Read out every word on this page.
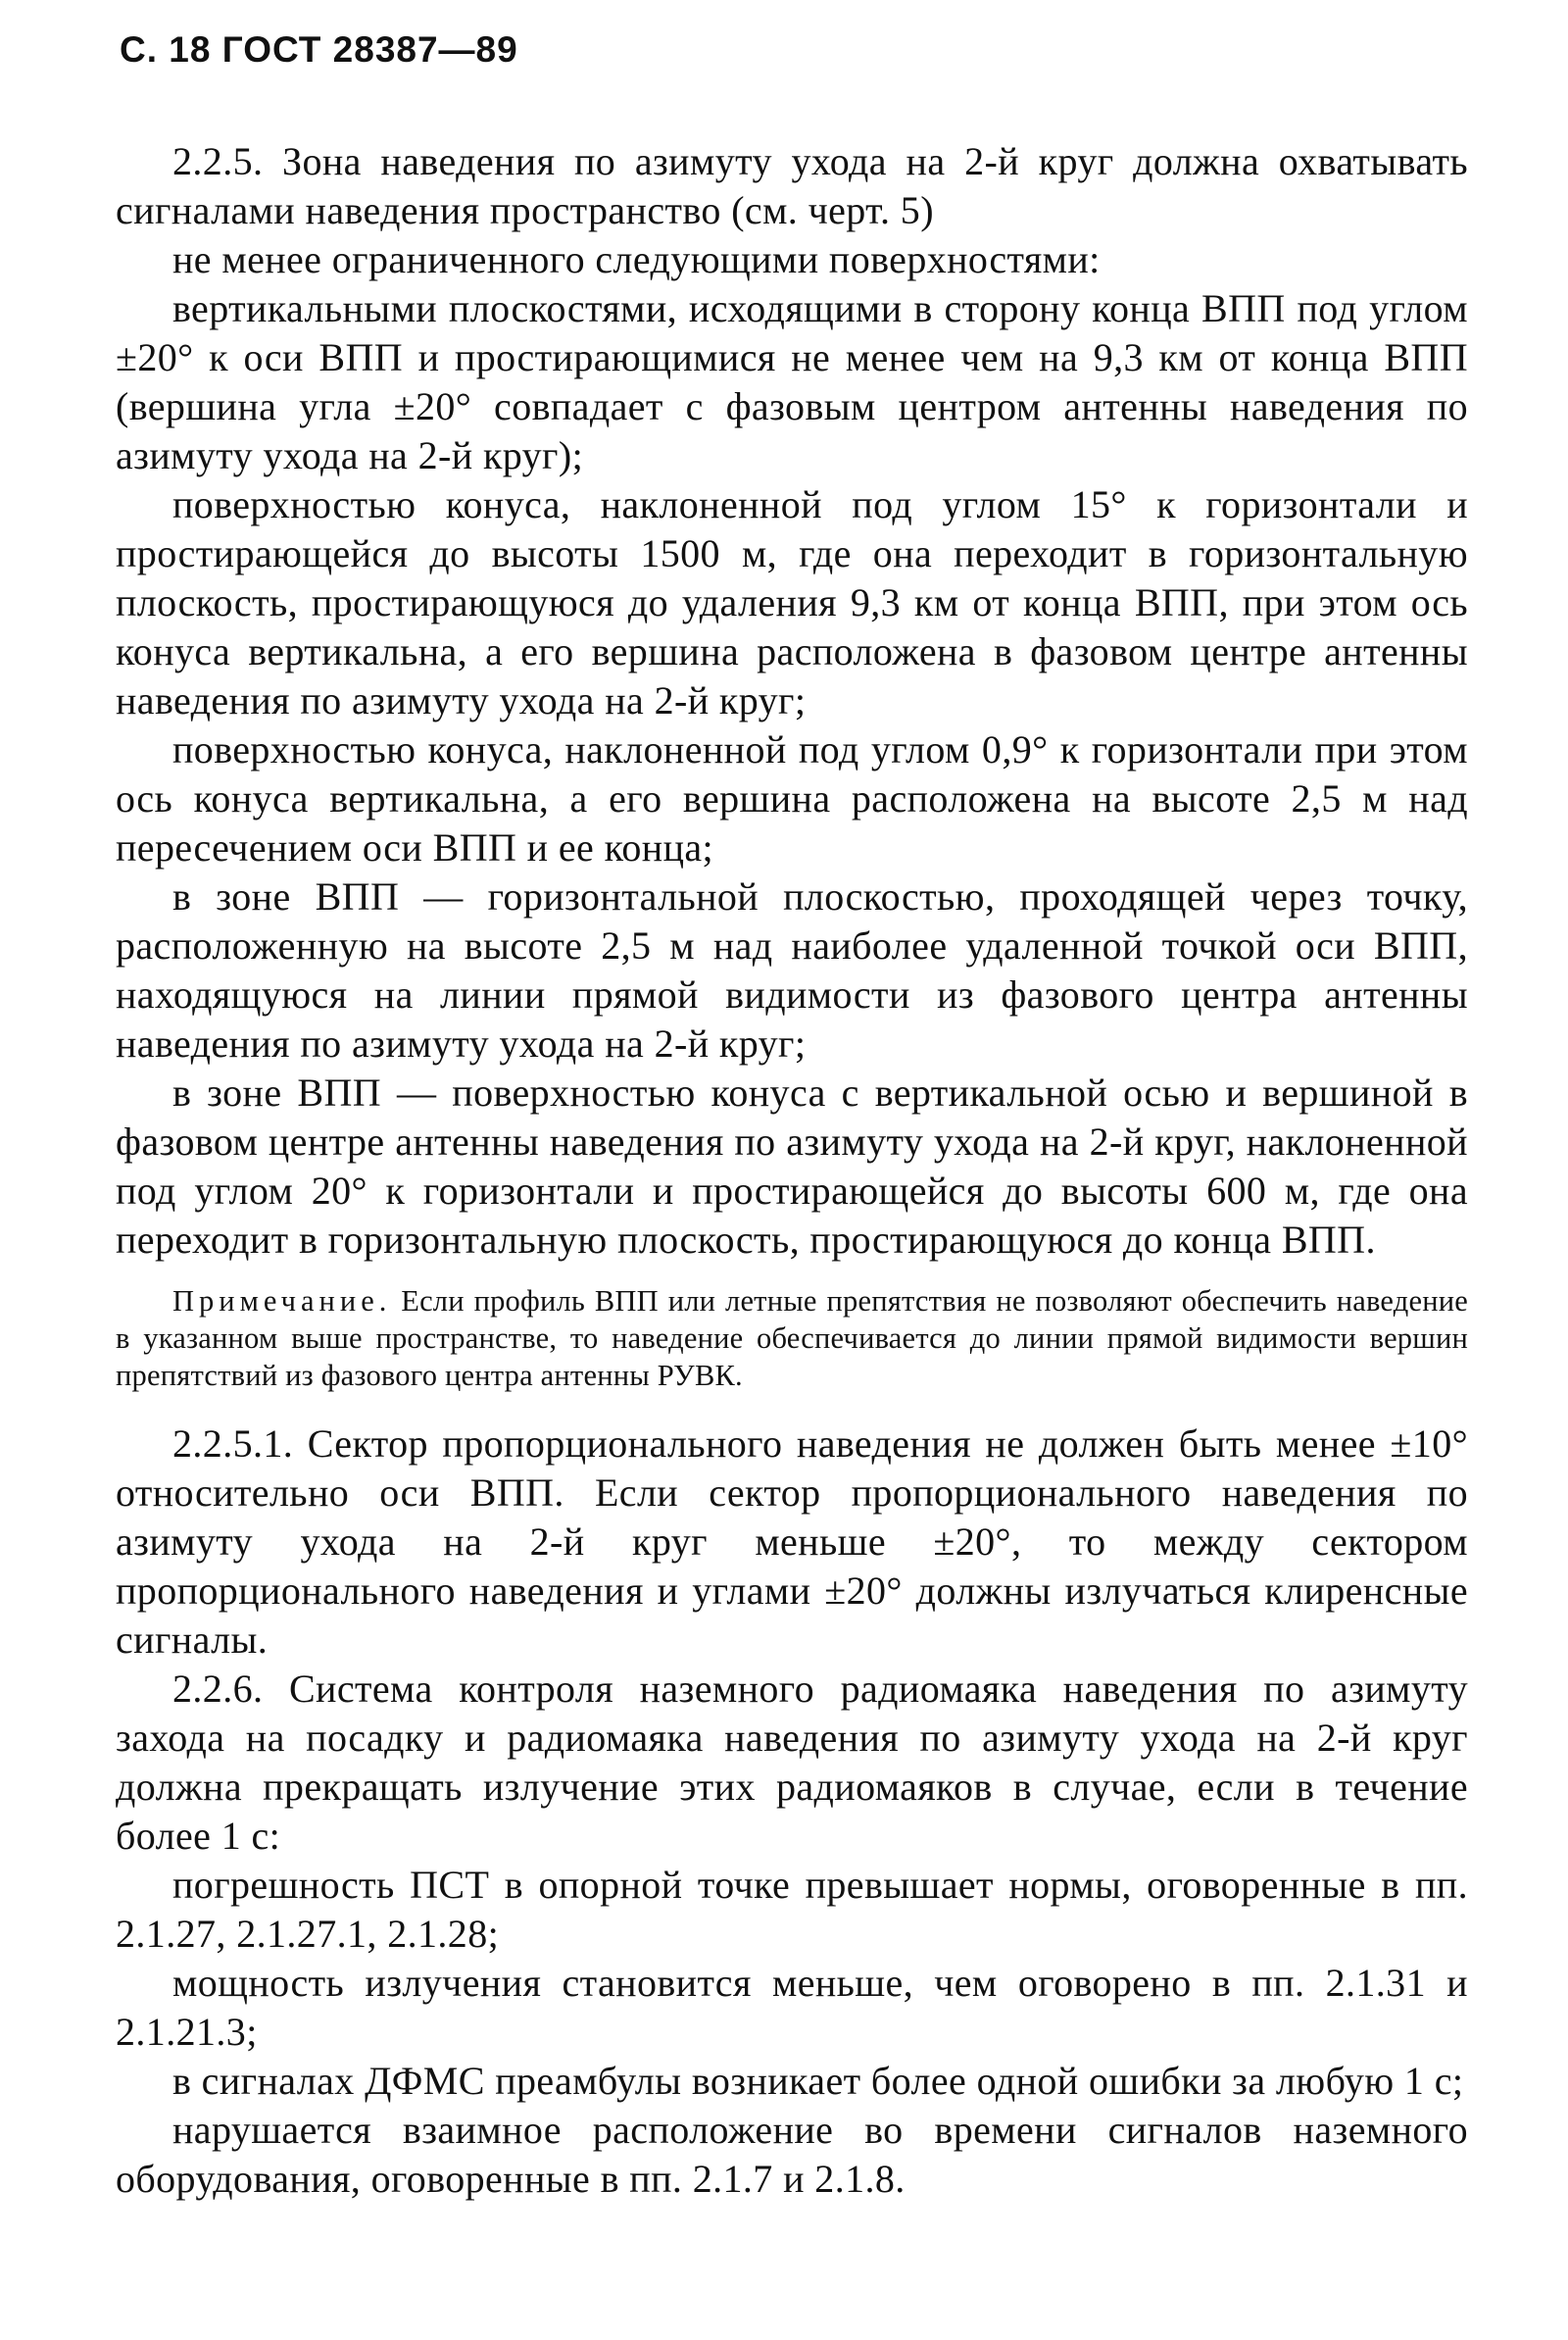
С. 18 ГОСТ 28387—89

2.2.5. Зона наведения по азимуту ухода на 2-й круг должна охватывать сигналами наведения пространство (см. черт. 5)

не менее ограниченного следующими поверхностями:

вертикальными плоскостями, исходящими в сторону конца ВПП под углом ±20° к оси ВПП и простирающимися не менее чем на 9,3 км от конца ВПП (вершина угла ±20° совпадает с фазовым центром антенны наведения по азимуту ухода на 2-й круг);

поверхностью конуса, наклоненной под углом 15° к горизонтали и простирающейся до высоты 1500 м, где она переходит в горизонтальную плоскость, простирающуюся до удаления 9,3 км от конца ВПП, при этом ось конуса вертикальна, а его вершина расположена в фазовом центре антенны наведения по азимуту ухода на 2-й круг;

поверхностью конуса, наклоненной под углом 0,9° к горизонтали при этом ось конуса вертикальна, а его вершина расположена на высоте 2,5 м над пересечением оси ВПП и ее конца;

в зоне ВПП — горизонтальной плоскостью, проходящей через точку, расположенную на высоте 2,5 м над наиболее удаленной точкой оси ВПП, находящуюся на линии прямой видимости из фазового центра антенны наведения по азимуту ухода на 2-й круг;

в зоне ВПП — поверхностью конуса с вертикальной осью и вершиной в фазовом центре антенны наведения по азимуту ухода на 2-й круг, наклоненной под углом 20° к горизонтали и простирающейся до высоты 600 м, где она переходит в горизонтальную плоскость, простирающуюся до конца ВПП.

Примечание. Если профиль ВПП или летные препятствия не позволяют обеспечить наведение в указанном выше пространстве, то наведение обеспечивается до линии прямой видимости вершин препятствий из фазового центра антенны РУВК.

2.2.5.1. Сектор пропорционального наведения не должен быть менее ±10° относительно оси ВПП. Если сектор пропорционального наведения по азимуту ухода на 2-й круг меньше ±20°, то между сектором пропорционального наведения и углами ±20° должны излучаться клиренсные сигналы.

2.2.6. Система контроля наземного радиомаяка наведения по азимуту захода на посадку и радиомаяка наведения по азимуту ухода на 2-й круг должна прекращать излучение этих радиомаяков в случае, если в течение более 1 с:

погрешность ПСТ в опорной точке превышает нормы, оговоренные в пп. 2.1.27, 2.1.27.1, 2.1.28;

мощность излучения становится меньше, чем оговорено в пп. 2.1.31 и 2.1.21.3;

в сигналах ДФМС преамбулы возникает более одной ошибки за любую 1 с;

нарушается взаимное расположение во времени сигналов наземного оборудования, оговоренные в пп. 2.1.7 и 2.1.8.
